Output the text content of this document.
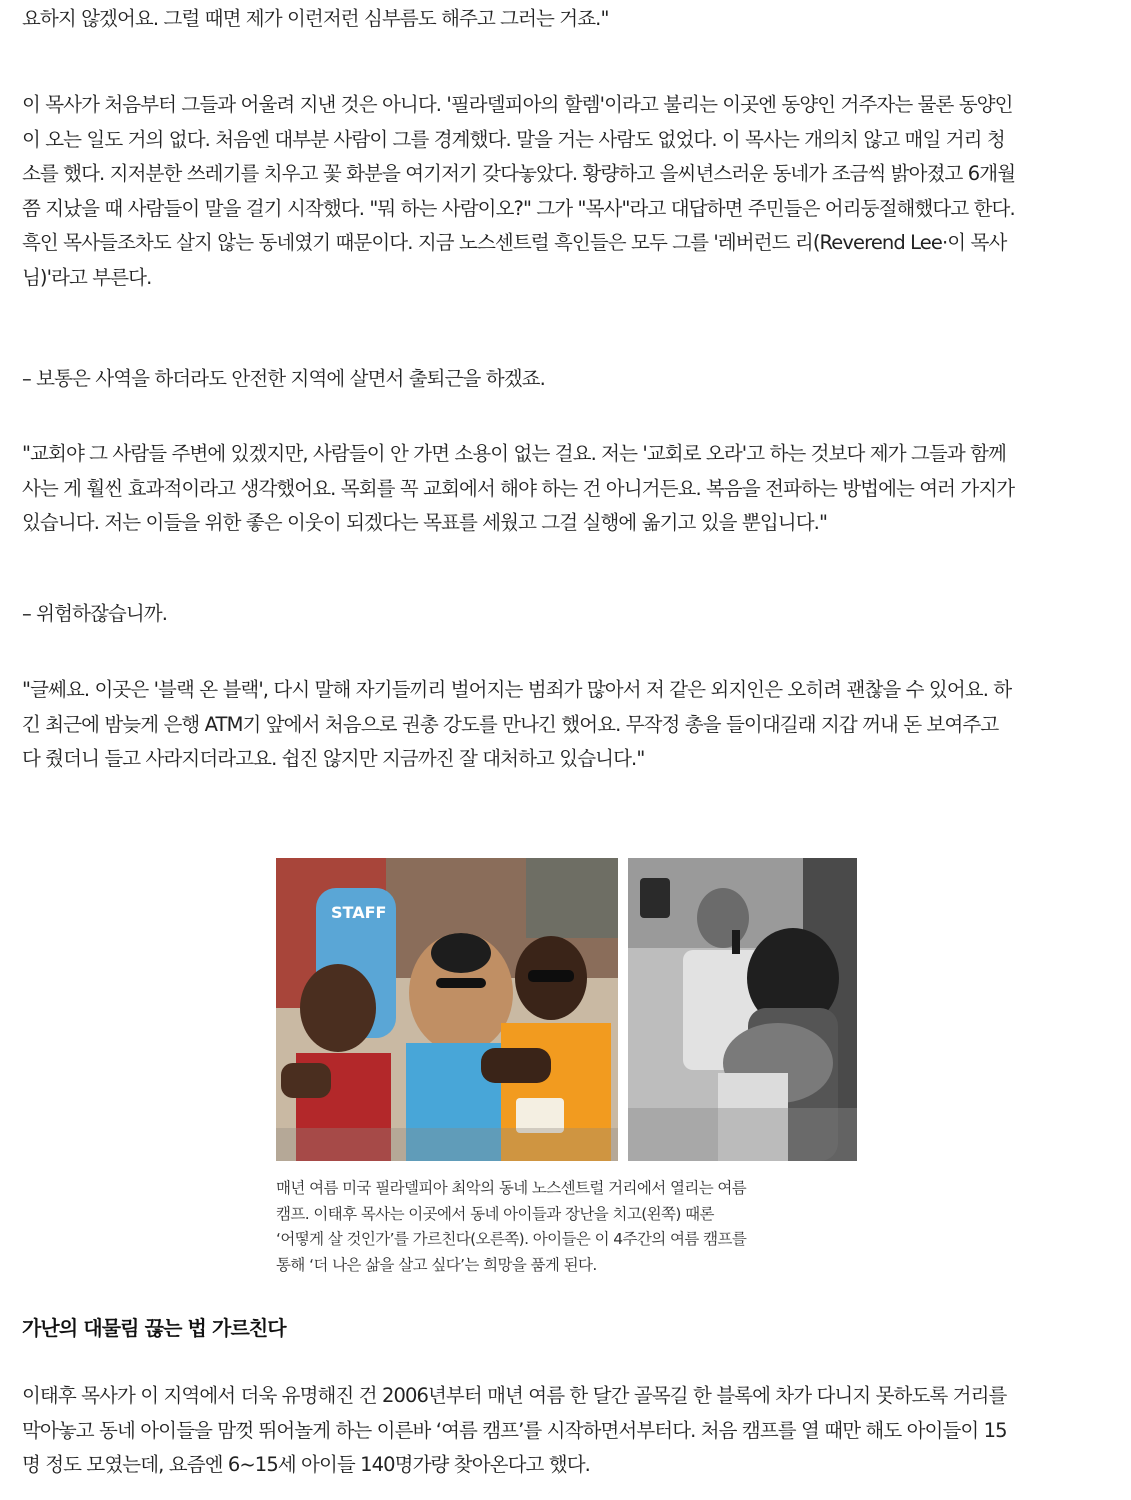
요하지 않겠어요. 그럴 때면 제가 이런저런 심부름도 해주고 그러는 거죠."

이 목사가 처음부터 그들과 어울려 지낸 것은 아니다. '필라델피아의 할렘'이라고 불리는 이곳엔 동양인 거주자는 물론 동양인
이 오는 일도 거의 없다. 처음엔 대부분 사람이 그를 경계했다. 말을 거는 사람도 없었다. 이 목사는 개의치 않고 매일 거리 청
소를 했다. 지저분한 쓰레기를 치우고 꽃 화분을 여기저기 갖다놓았다. 황량하고 을씨년스러운 동네가 조금씩 밝아졌고 6개월
쯤 지났을 때 사람들이 말을 걸기 시작했다. "뭐 하는 사람이오?" 그가 "목사"라고 대답하면 주민들은 어리둥절해했다고 한다.
흑인 목사들조차도 살지 않는 동네였기 때문이다. 지금 노스센트럴 흑인들은 모두 그를 '레버런드 리(Reverend Lee·이 목사
님)'라고 부른다.

– 보통은 사역을 하더라도 안전한 지역에 살면서 출퇴근을 하겠죠.

"교회야 그 사람들 주변에 있겠지만, 사람들이 안 가면 소용이 없는 걸요. 저는 '교회로 오라'고 하는 것보다 제가 그들과 함께
사는 게 훨씬 효과적이라고 생각했어요. 목회를 꼭 교회에서 해야 하는 건 아니거든요. 복음을 전파하는 방법에는 여러 가지가
있습니다. 저는 이들을 위한 좋은 이웃이 되겠다는 목표를 세웠고 그걸 실행에 옮기고 있을 뿐입니다."

– 위험하잖습니까.

"글쎄요. 이곳은 '블랙 온 블랙', 다시 말해 자기들끼리 벌어지는 범죄가 많아서 저 같은 외지인은 오히려 괜찮을 수 있어요. 하
긴 최근에 밤늦게 은행 ATM기 앞에서 처음으로 권총 강도를 만나긴 했어요. 무작정 총을 들이대길래 지갑 꺼내 돈 보여주고
다 줬더니 들고 사라지더라고요. 쉽진 않지만 지금까진 잘 대처하고 있습니다."

STAFF
매년 여름 미국 필라델피아 최악의 동네 노스센트럴 거리에서 열리는 여름
캠프. 이태후 목사는 이곳에서 동네 아이들과 장난을 치고(왼쪽) 때론
‘어떻게 살 것인가’를 가르친다(오른쪽). 아이들은 이 4주간의 여름 캠프를
통해 ‘더 나은 삶을 살고 싶다’는 희망을 품게 된다.
가난의 대물림 끊는 법 가르친다

이태후 목사가 이 지역에서 더욱 유명해진 건 2006년부터 매년 여름 한 달간 골목길 한 블록에 차가 다니지 못하도록 거리를
막아놓고 동네 아이들을 맘껏 뛰어놀게 하는 이른바 ‘여름 캠프’를 시작하면서부터다. 처음 캠프를 열 때만 해도 아이들이 15
명 정도 모였는데, 요즘엔 6~15세 아이들 140명가량 찾아온다고 했다.
